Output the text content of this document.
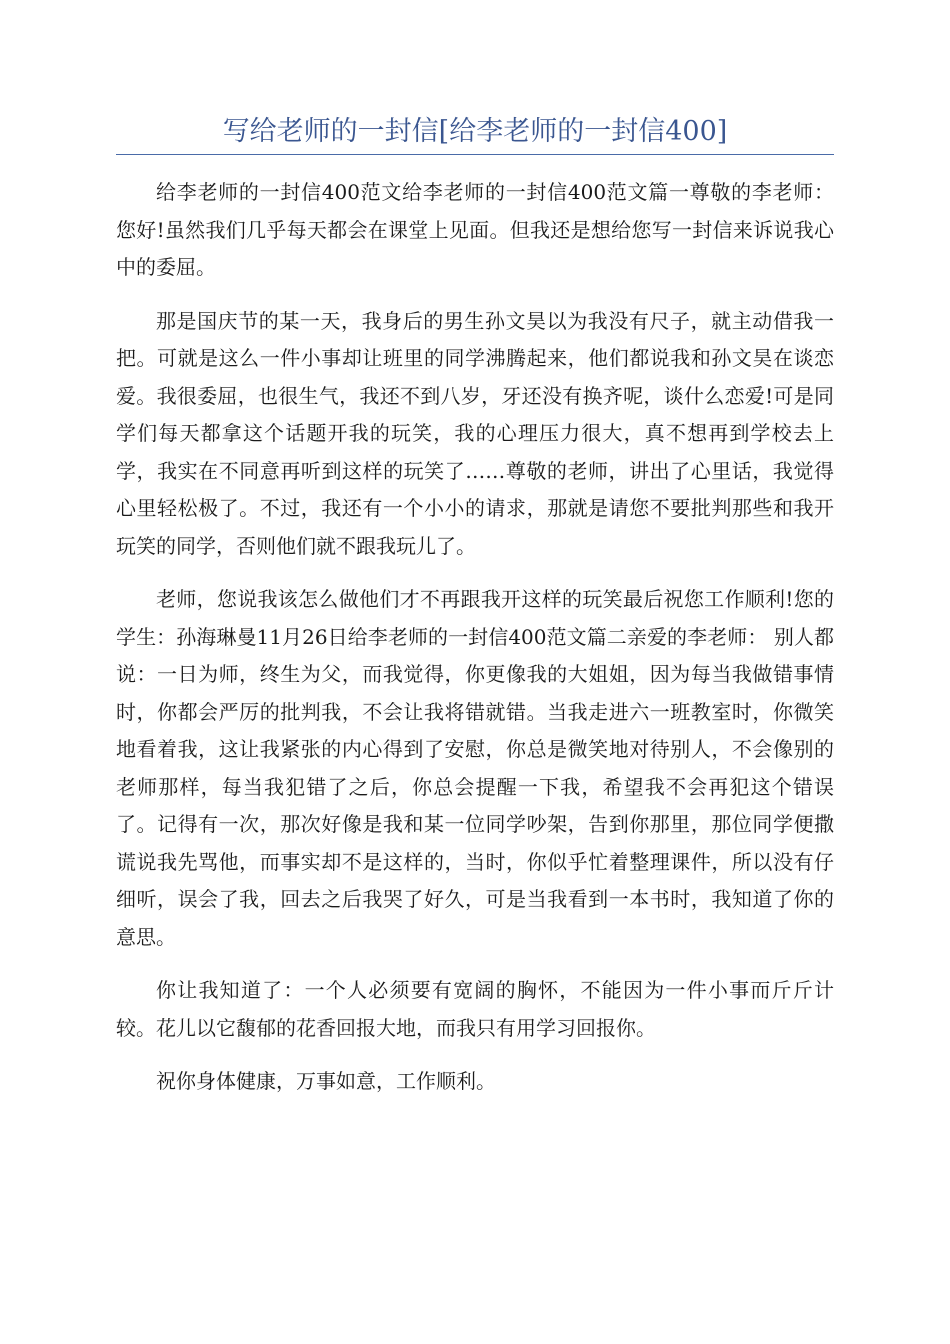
写给老师的一封信[给李老师的一封信400]

给李老师的一封信400范文给李老师的一封信400范文篇一尊敬的李老师： 您好!虽然我们几乎每天都会在课堂上见面。但我还是想给您写一封信来诉说我心中的委屈。

那是国庆节的某一天，我身后的男生孙文昊以为我没有尺子，就主动借我一把。可就是这么一件小事却让班里的同学沸腾起来，他们都说我和孙文昊在谈恋爱。我很委屈，也很生气，我还不到八岁，牙还没有换齐呢，谈什么恋爱!可是同学们每天都拿这个话题开我的玩笑，我的心理压力很大，真不想再到学校去上学，我实在不同意再听到这样的玩笑了……尊敬的老师，讲出了心里话，我觉得心里轻松极了。不过，我还有一个小小的请求，那就是请您不要批判那些和我开玩笑的同学，否则他们就不跟我玩儿了。

老师，您说我该怎么做他们才不再跟我开这样的玩笑最后祝您工作顺利!您的学生：孙海琳曼11月26日给李老师的一封信400范文篇二亲爱的李老师： 别人都说：一日为师，终生为父，而我觉得，你更像我的大姐姐，因为每当我做错事情时，你都会严厉的批判我，不会让我将错就错。当我走进六一班教室时，你微笑地看着我，这让我紧张的内心得到了安慰，你总是微笑地对待别人，不会像别的老师那样，每当我犯错了之后，你总会提醒一下我，希望我不会再犯这个错误了。记得有一次，那次好像是我和某一位同学吵架，告到你那里，那位同学便撒谎说我先骂他，而事实却不是这样的，当时，你似乎忙着整理课件，所以没有仔细听，误会了我，回去之后我哭了好久，可是当我看到一本书时，我知道了你的意思。

你让我知道了：一个人必须要有宽阔的胸怀，不能因为一件小事而斤斤计较。花儿以它馥郁的花香回报大地，而我只有用学习回报你。

祝你身体健康，万事如意，工作顺利。
